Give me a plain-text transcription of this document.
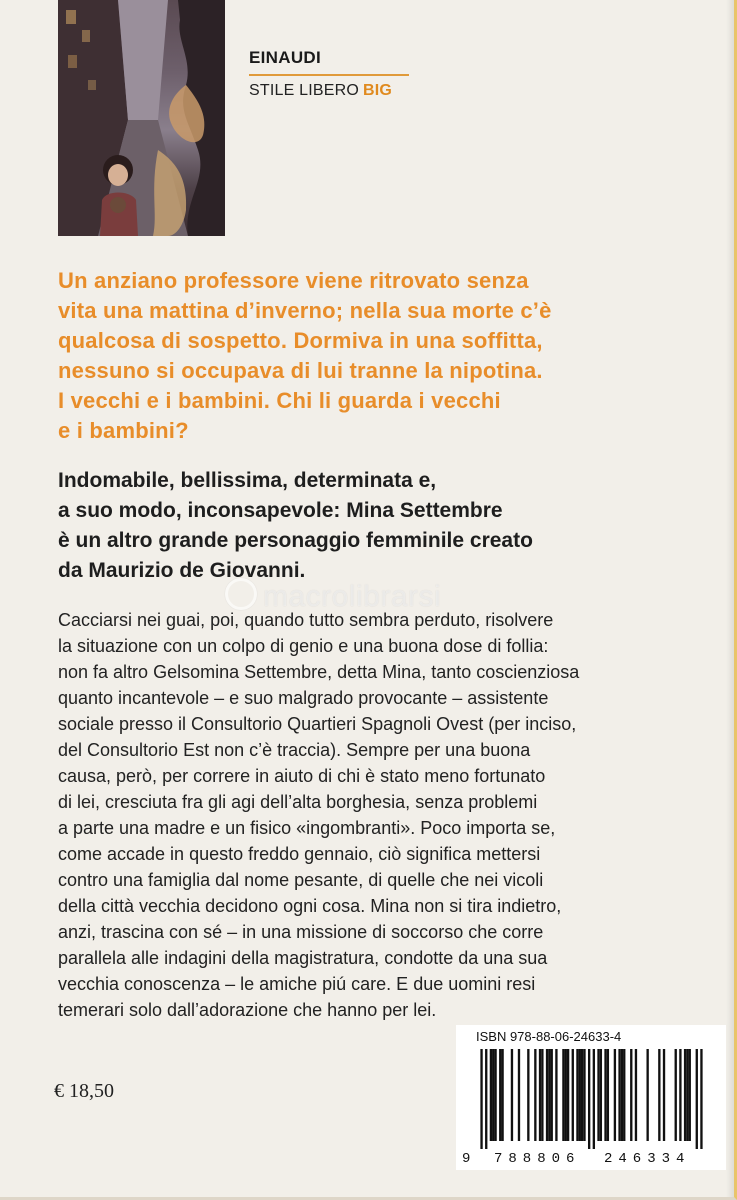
EINAUDI
STILE LIBERO BIG
Un anziano professore viene ritrovato senza
vita una mattina d’inverno; nella sua morte c’è
qualcosa di sospetto. Dormiva in una soffitta,
nessuno si occupava di lui tranne la nipotina.
I vecchi e i bambini. Chi li guarda i vecchi
e i bambini?
Indomabile, bellissima, determinata e,
a suo modo, inconsapevole: Mina Settembre
è un altro grande personaggio femminile creato
da Maurizio de Giovanni.
Cacciarsi nei guai, poi, quando tutto sembra perduto, risolvere
la situazione con un colpo di genio e una buona dose di follia:
non fa altro Gelsomina Settembre, detta Mina, tanto coscienziosa
quanto incantevole – e suo malgrado provocante – assistente
sociale presso il Consultorio Quartieri Spagnoli Ovest (per inciso,
del Consultorio Est non c’è traccia). Sempre per una buona
causa, però, per correre in aiuto di chi è stato meno fortunato
di lei, cresciuta fra gli agi dell’alta borghesia, senza problemi
a parte una madre e un fisico «ingombranti». Poco importa se,
come accade in questo freddo gennaio, ciò significa mettersi
contro una famiglia dal nome pesante, di quelle che nei vicoli
della città vecchia decidono ogni cosa. Mina non si tira indietro,
anzi, trascina con sé – in una missione di soccorso che corre
parallela alle indagini della magistratura, condotte da una sua
vecchia conoscenza – le amiche piú care. E due uomini resi
temerari solo dall’adorazione che hanno per lei.
macrolibrarsi
ISBN 978-88-06-24633-4
9 788806 246334
€ 18,50
